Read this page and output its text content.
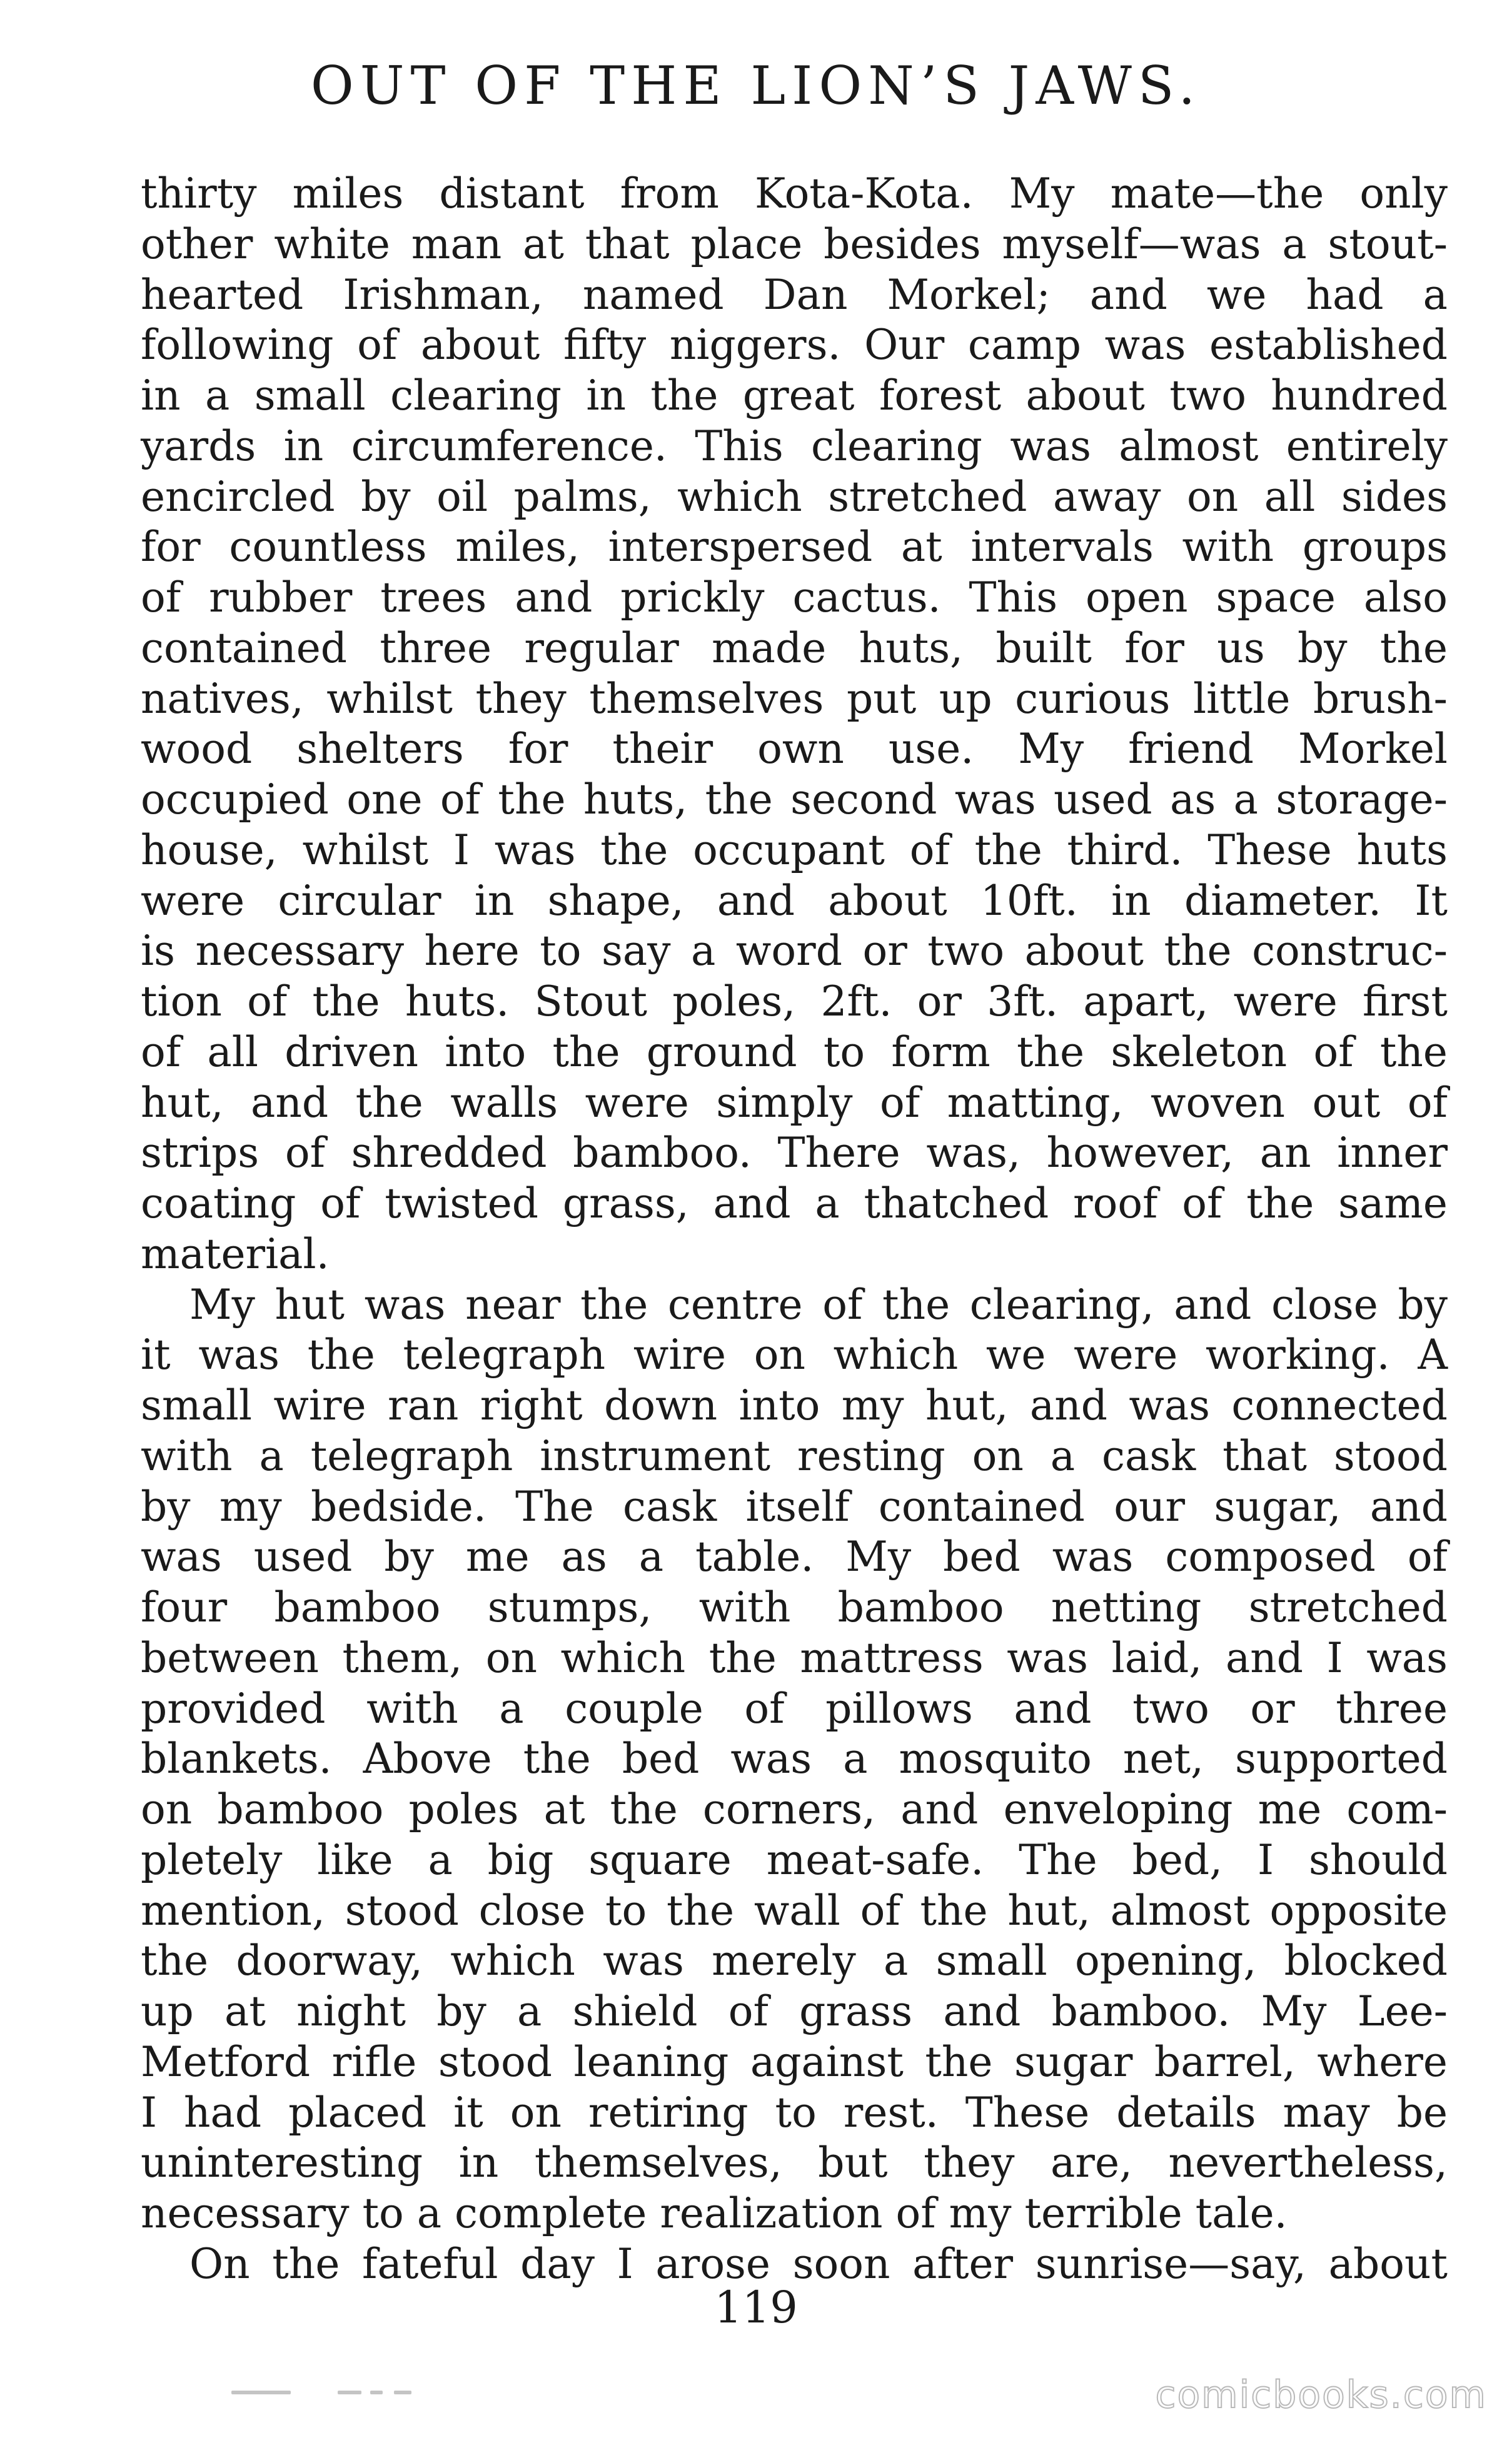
OUT OF THE LION’S JAWS.
thirty miles distant from Kota-Kota. My mate—the only
other white man at that place besides myself—was a stout-
hearted Irishman, named Dan Morkel; and we had a
following of about fifty niggers. Our camp was established
in a small clearing in the great forest about two hundred
yards in circumference. This clearing was almost entirely
encircled by oil palms, which stretched away on all sides
for countless miles, interspersed at intervals with groups
of rubber trees and prickly cactus. This open space also
contained three regular made huts, built for us by the
natives, whilst they themselves put up curious little brush-
wood shelters for their own use. My friend Morkel
occupied one of the huts, the second was used as a storage-
house, whilst I was the occupant of the third. These huts
were circular in shape, and about 10ft. in diameter. It
is necessary here to say a word or two about the construc-
tion of the huts. Stout poles, 2ft. or 3ft. apart, were first
of all driven into the ground to form the skeleton of the
hut, and the walls were simply of matting, woven out of
strips of shredded bamboo. There was, however, an inner
coating of twisted grass, and a thatched roof of the same
material.
My hut was near the centre of the clearing, and close by
it was the telegraph wire on which we were working. A
small wire ran right down into my hut, and was connected
with a telegraph instrument resting on a cask that stood
by my bedside. The cask itself contained our sugar, and
was used by me as a table. My bed was composed of
four bamboo stumps, with bamboo netting stretched
between them, on which the mattress was laid, and I was
provided with a couple of pillows and two or three
blankets. Above the bed was a mosquito net, supported
on bamboo poles at the corners, and enveloping me com-
pletely like a big square meat-safe. The bed, I should
mention, stood close to the wall of the hut, almost opposite
the doorway, which was merely a small opening, blocked
up at night by a shield of grass and bamboo. My Lee-
Metford rifle stood leaning against the sugar barrel, where
I had placed it on retiring to rest. These details may be
uninteresting in themselves, but they are, nevertheless,
necessary to a complete realization of my terrible tale.
On the fateful day I arose soon after sunrise—say, about
119
comicbooks.com
